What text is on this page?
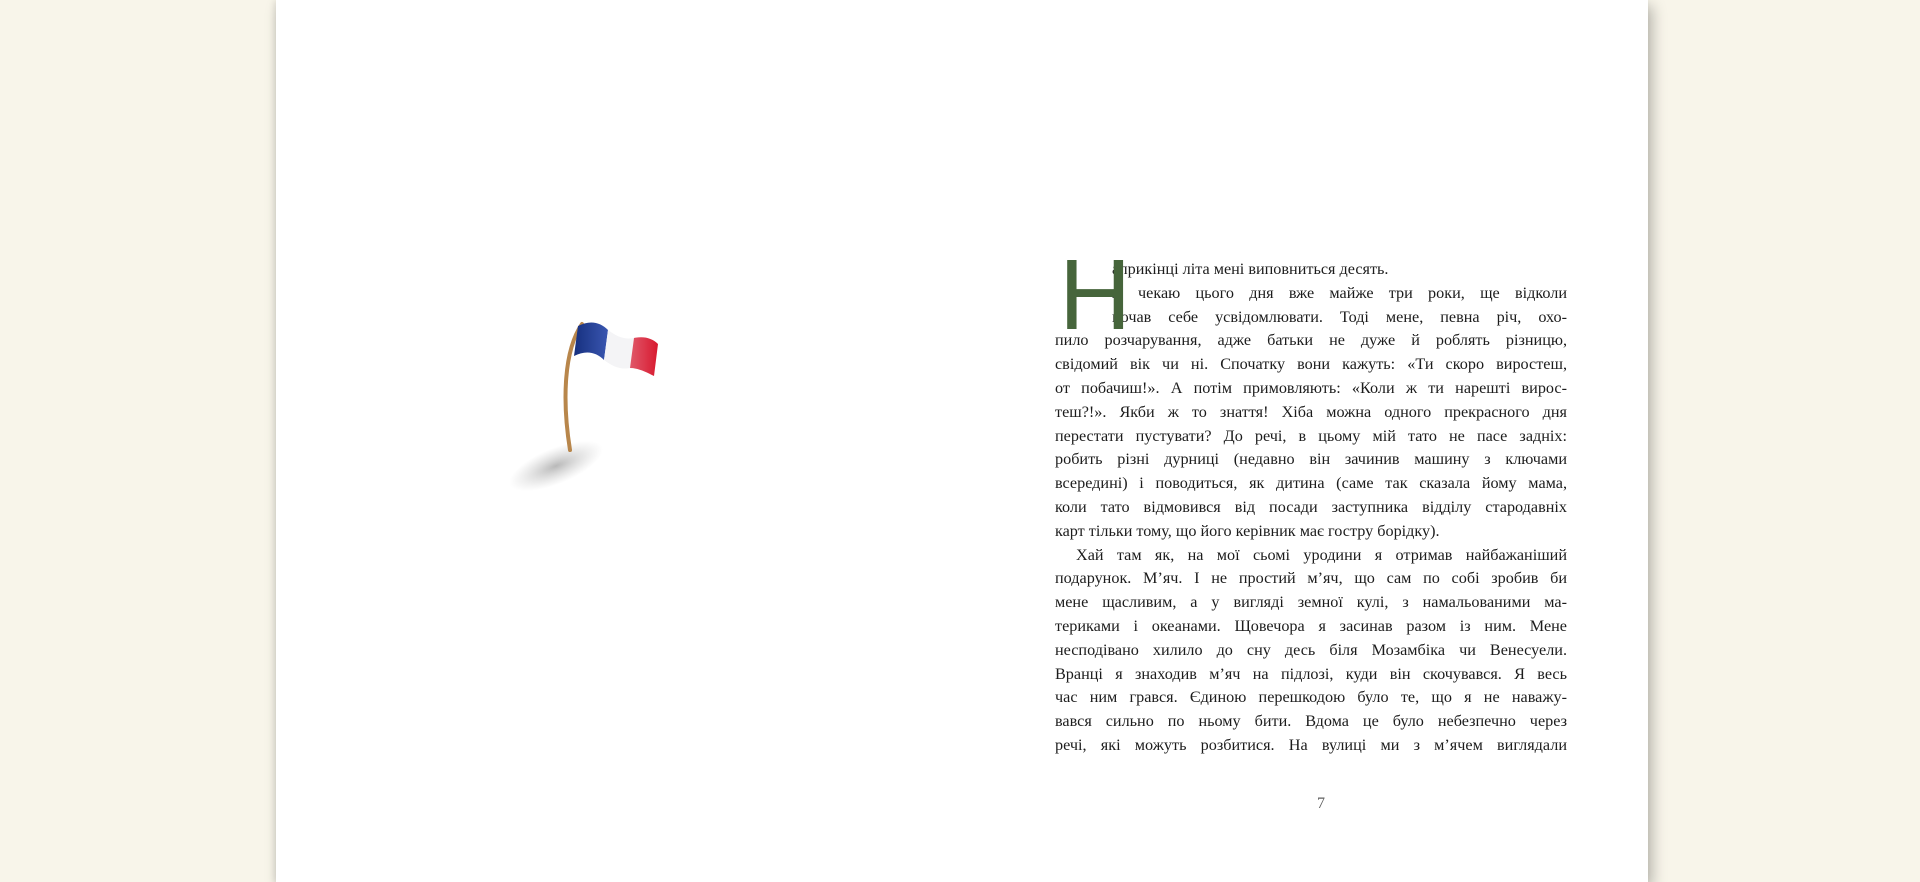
Н
априкінці літа мені виповниться десять.
Я чекаю цього дня вже майже три роки, ще відколи
почав себе усвідомлювати. Тоді мене, певна річ, охо-
пило розчарування, адже батьки не дуже й роблять різницю,
свідомий вік чи ні. Спочатку вони кажуть: «Ти скоро виростеш,
от побачиш!». А потім примовляють: «Коли ж ти нарешті вирос-
теш?!». Якби ж то знаття! Хіба можна одного прекрасного дня
перестати пустувати? До речі, в цьому мій тато не пасе задніх:
робить різні дурниці (недавно він зачинив машину з ключами
всередині) і поводиться, як дитина (саме так сказала йому мама,
коли тато відмовився від посади заступника відділу стародавніх
карт тільки тому, що його керівник має гостру борідку).
Хай там як, на мої сьомі уродини я отримав найбажаніший
подарунок. М’яч. І не простий м’яч, що сам по собі зробив би
мене щасливим, а у вигляді земної кулі, з намальованими ма-
териками і океанами. Щовечора я засинав разом із ним. Мене
несподівано хилило до сну десь біля Мозамбіка чи Венесуели.
Вранці я знаходив м’яч на підлозі, куди він скочувався. Я весь
час ним грався. Єдиною перешкодою було те, що я не наважу-
вався сильно по ньому бити. Вдома це було небезпечно через
речі, які можуть розбитися. На вулиці ми з м’ячем виглядали
7
